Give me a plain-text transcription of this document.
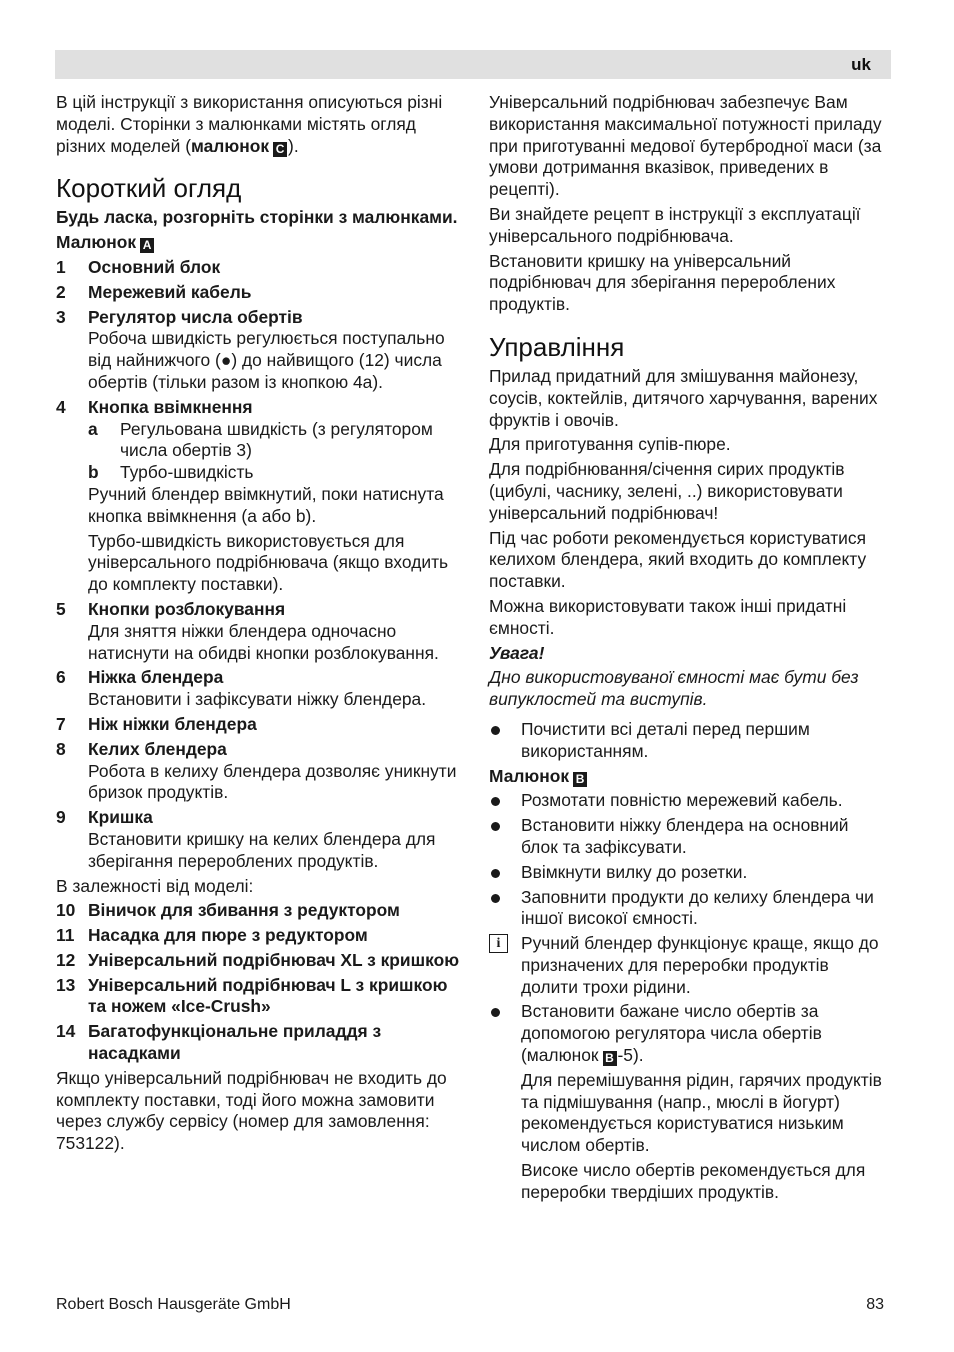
uk

В цій інструкції з використання описуються різні моделі. Сторінки з малюнками містять огляд різних моделей (малюнок C ).

Короткий огляд

Будь ласка, розгорніть сторінки з малюнками.

Малюнок A

1 Основний блок
2 Мережевий кабель
3 Регулятор числа обертів
Робоча швидкість регулюється поступально від найнижчого (●) до найвищого (12) числа обертів (тільки разом із кнопкою 4a).
4 Кнопка ввімкнення
a Регульована швидкість (з регулятором числа обертів 3)
b Турбо-швидкість
Ручний блендер ввімкнутий, поки натиснута кнопка ввімкнення (a або b).
Турбо-швидкість використовується для універсального подрібнювача (якщо входить до комплекту поставки).
5 Кнопки розблокування
Для зняття ніжки блендера одночасно натиснути на обидві кнопки розблокування.
6 Ніжка блендера
Встановити і зафіксувати ніжку блендера.
7 Ніж ніжки блендера
8 Келих блендера
Робота в келиху блендера дозволяє уникнути бризок продуктів.
9 Кришка
Встановити кришку на келих блендера для зберігання перероблених продуктів.

В залежності від моделі:

10 Віничок для збивання з редуктором
11 Насадка для пюре з редуктором
12 Універсальний подрібнювач XL з кришкою
13 Універсальний подрібнювач L з кришкою та ножем «Ice-Crush»
14 Багатофункціональне приладдя з насадками

Якщо універсальний подрібнювач не входить до комплекту поставки, тоді його можна замовити через службу сервісу (номер для замовлення: 753122).

Універсальний подрібнювач забезпечує Вам використання максимальної потужності приладу при приготуванні медової бутербродної маси (за умови дотримання вказівок, приведених в рецепті).

Ви знайдете рецепт в інструкції з експлуатації універсального подрібнювача.

Встановити кришку на універсальний подрібнювач для зберігання перероблених продуктів.

Управління

Прилад придатний для змішування майонезу, соусів, коктейлів, дитячого харчування, варених фруктів і овочів.

Для приготування супів-пюре.

Для подрібнювання/січення сирих продуктів (цибулі, часнику, зелені, ..) використовувати універсальний подрібнювач!

Під час роботи рекомендується користуватися келихом блендера, який входить до комплекту поставки.

Можна використовувати також інші придатні ємності.

Увага!

Дно використовуваної ємності має бути без випуклостей та виступів.

Почистити всі деталі перед першим використанням.

Малюнок B

Розмотати повністю мережевий кабель.
Встановити ніжку блендера на основний блок та зафіксувати.
Ввімкнути вилку до розетки.
Заповнити продукти до келиху блендера чи іншої високої ємності.
i	Ручний блендер функціонує краще, якщо до призначених для переробки продуктів долити трохи рідини.
Встановити бажане число обертів за допомогою регулятора числа обертів (малюнок B -5).
Для перемішування рідин, гарячих продуктів та підмішування (напр., мюслі в йогурт) рекомендується користуватися низьким числом обертів.
Високе число обертів рекомендується для переробки твердіших продуктів.
Robert Bosch Hausgeräte GmbH	83
